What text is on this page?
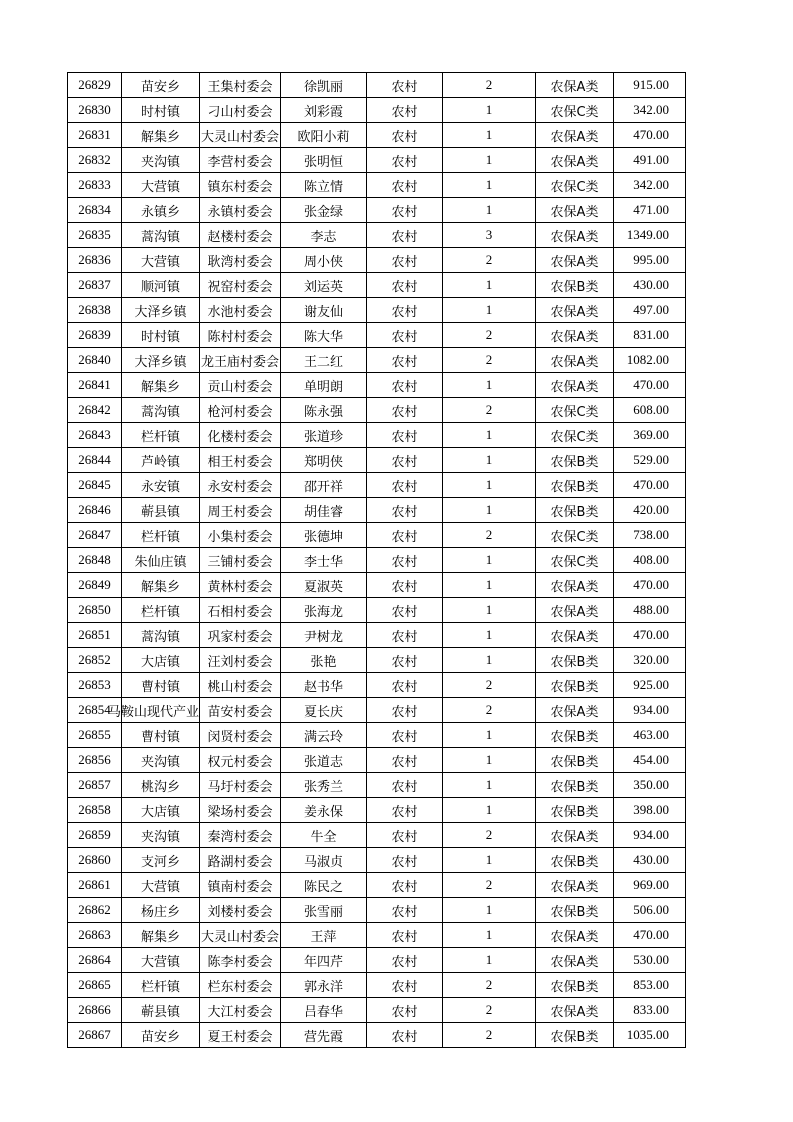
26829	苗安乡	王集村委会	徐凯丽	农村	2	农保A类	915.00
26830	时村镇	刁山村委会	刘彩霞	农村	1	农保C类	342.00
26831	解集乡	大灵山村委会	欧阳小莉	农村	1	农保A类	470.00
26832	夹沟镇	李营村委会	张明恒	农村	1	农保A类	491.00
26833	大营镇	镇东村委会	陈立情	农村	1	农保C类	342.00
26834	永镇乡	永镇村委会	张金绿	农村	1	农保A类	471.00
26835	蒿沟镇	赵楼村委会	李志	农村	3	农保A类	1349.00
26836	大营镇	耿湾村委会	周小侠	农村	2	农保A类	995.00
26837	顺河镇	祝窑村委会	刘运英	农村	1	农保B类	430.00
26838	大泽乡镇	水池村委会	谢友仙	农村	1	农保A类	497.00
26839	时村镇	陈村村委会	陈大华	农村	2	农保A类	831.00
26840	大泽乡镇	龙王庙村委会	王二红	农村	2	农保A类	1082.00
26841	解集乡	贡山村委会	单明朗	农村	1	农保A类	470.00
26842	蒿沟镇	枪河村委会	陈永强	农村	2	农保C类	608.00
26843	栏杆镇	化楼村委会	张道珍	农村	1	农保C类	369.00
26844	芦岭镇	相王村委会	郑明侠	农村	1	农保B类	529.00
26845	永安镇	永安村委会	邵开祥	农村	1	农保B类	470.00
26846	蕲县镇	周王村委会	胡佳睿	农村	1	农保B类	420.00
26847	栏杆镇	小集村委会	张德坤	农村	2	农保C类	738.00
26848	朱仙庄镇	三铺村委会	李士华	农村	1	农保C类	408.00
26849	解集乡	黄林村委会	夏淑英	农村	1	农保A类	470.00
26850	栏杆镇	石相村委会	张海龙	农村	1	农保A类	488.00
26851	蒿沟镇	巩家村委会	尹树龙	农村	1	农保A类	470.00
26852	大店镇	汪刘村委会	张艳	农村	1	农保B类	320.00
26853	曹村镇	桃山村委会	赵书华	农村	2	农保B类	925.00
26854	马鞍山现代产业	苗安村委会	夏长庆	农村	2	农保A类	934.00
26855	曹村镇	闵贤村委会	满云玲	农村	1	农保B类	463.00
26856	夹沟镇	权元村委会	张道志	农村	1	农保B类	454.00
26857	桃沟乡	马圩村委会	张秀兰	农村	1	农保B类	350.00
26858	大店镇	梁场村委会	姜永保	农村	1	农保B类	398.00
26859	夹沟镇	秦湾村委会	牛全	农村	2	农保A类	934.00
26860	支河乡	路湖村委会	马淑贞	农村	1	农保B类	430.00
26861	大营镇	镇南村委会	陈民之	农村	2	农保A类	969.00
26862	杨庄乡	刘楼村委会	张雪丽	农村	1	农保B类	506.00
26863	解集乡	大灵山村委会	王萍	农村	1	农保A类	470.00
26864	大营镇	陈李村委会	年四芹	农村	1	农保A类	530.00
26865	栏杆镇	栏东村委会	郭永洋	农村	2	农保B类	853.00
26866	蕲县镇	大江村委会	吕春华	农村	2	农保A类	833.00
26867	苗安乡	夏王村委会	营先霞	农村	2	农保B类	1035.00
